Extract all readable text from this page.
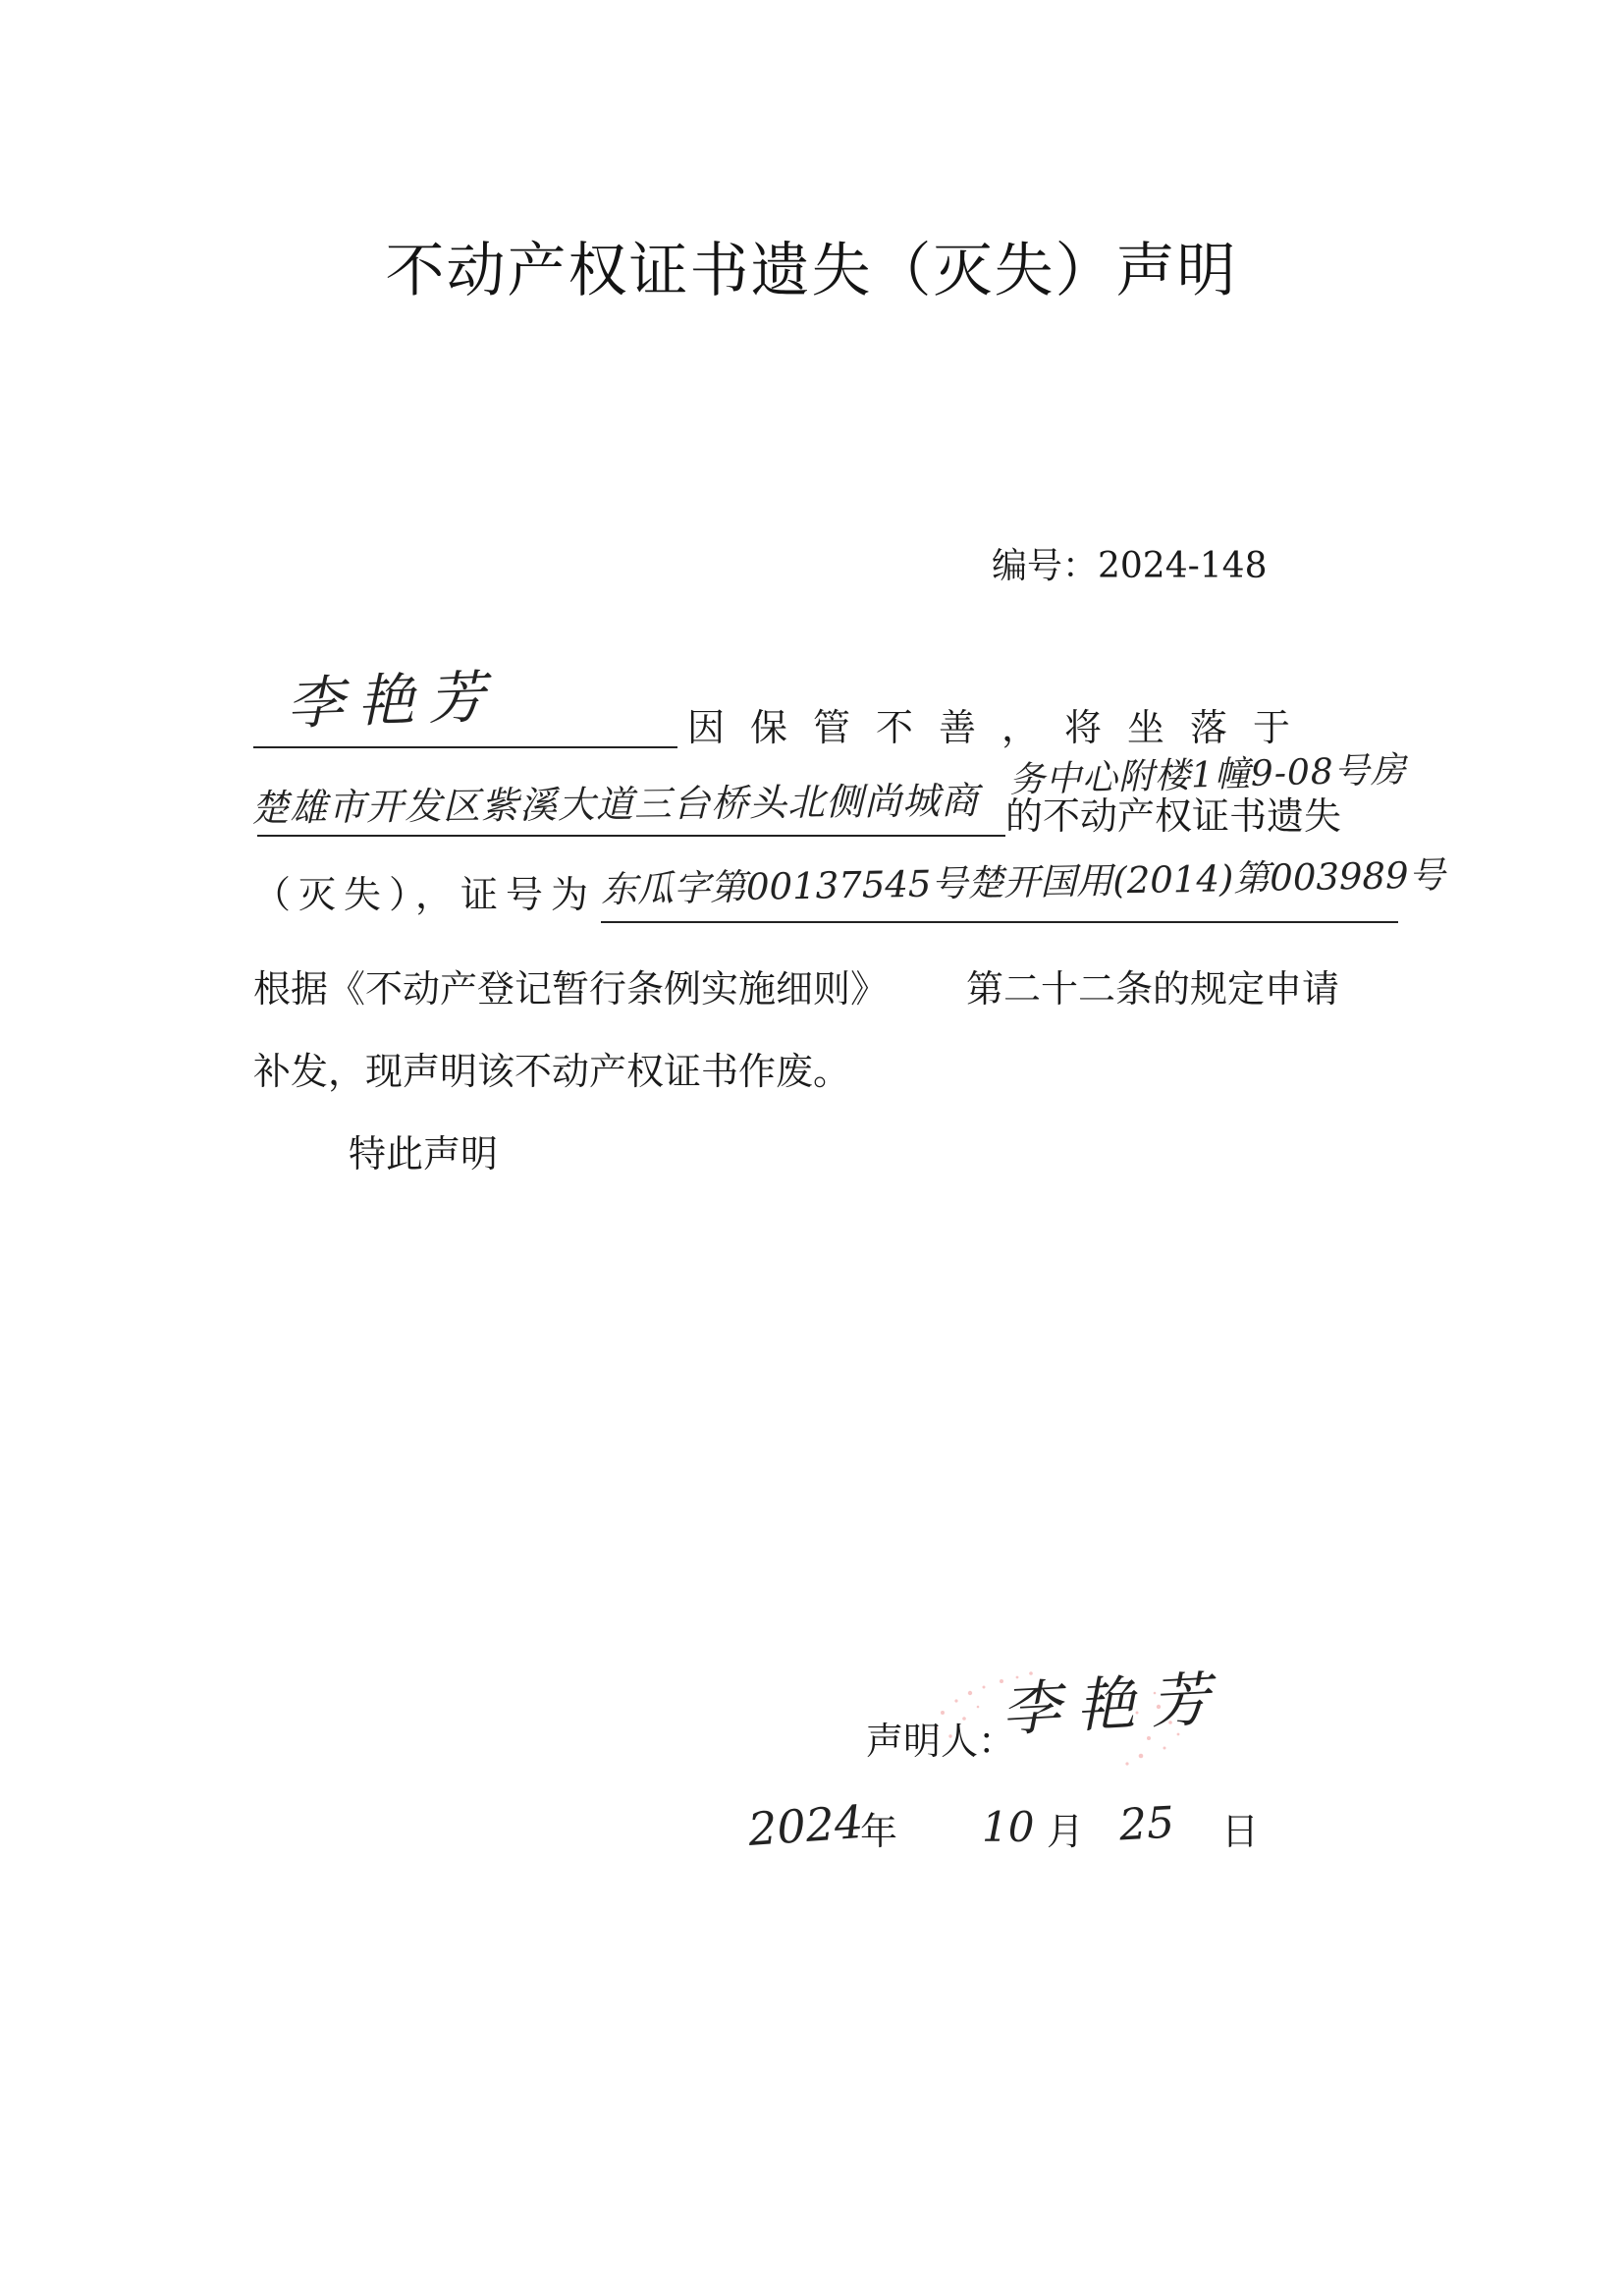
不动产权证书遗失（灭失）声明
编号：2024-148
李艳芳	因保管不善，将坐落于
务中心附楼1幢9-08号房
楚雄市开发区紫溪大道三台桥头北侧尚城商 的不动产权证书遗失
（灭失），证号为 东瓜字第00137545号楚开国用(2014)第003989号
根据《不动产登记暂行条例实施细则》 第二十二条的规定申请
补发，现声明该不动产权证书作废。
特此声明
声明人：
李艳芳
2024
年 10 月 25 日
